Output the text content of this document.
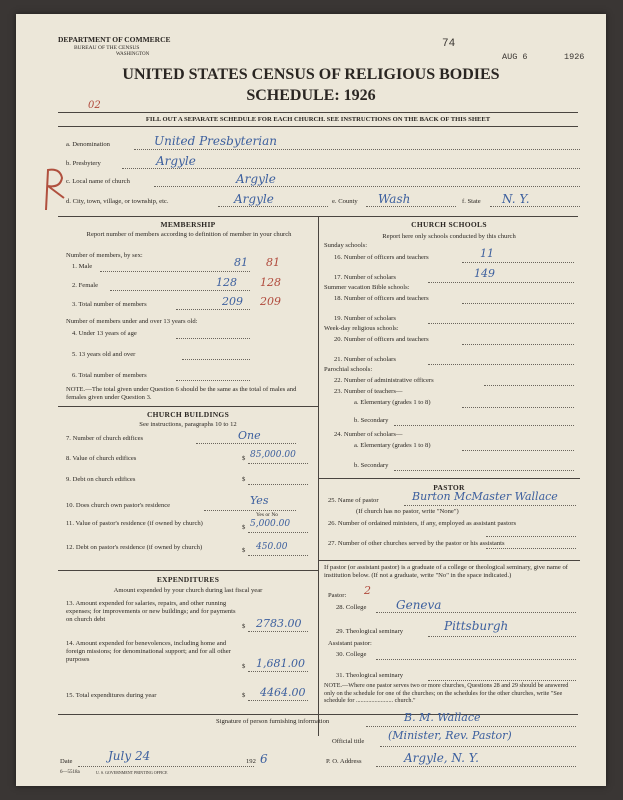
DEPARTMENT OF COMMERCE
BUREAU OF THE CENSUS
WASHINGTON
74
AUG 6	1926
UNITED STATES CENSUS OF RELIGIOUS BODIES
SCHEDULE: 1926
02
FILL OUT A SEPARATE SCHEDULE FOR EACH CHURCH. SEE INSTRUCTIONS ON THE BACK OF THIS SHEET
a. Denomination	United Presbyterian
b. Presbytery	Argyle
c. Local name of church	Argyle
d. City, town, village, or township, etc.	Argyle	e. County Wash	f. State N. Y.
MEMBERSHIP
Report number of members according to definition of member in your church
Number of members, by sex:
1. Male	81 81
2. Female	128 128
3. Total number of members	209 209
Number of members under and over 13 years old:
4. Under 13 years of age
5. 13 years old and over
6. Total number of members
NOTE.—The total given under Question 6 should be the same as the total of males and females given under Question 3.
CHURCH BUILDINGS
See instructions, paragraphs 10 to 12
7. Number of church edifices	One
8. Value of church edifices	$ 85,000.00
9. Debt on church edifices	$
10. Does church own pastor's residence	Yes
Yes or No
11. Value of pastor's residence (if owned by church)
$ 5,000.00
12. Debt on pastor's residence (if owned by church)	$ 450.00
EXPENDITURES
Amount expended by your church during last fiscal year
13. Amount expended for salaries, repairs, and other running expenses; for improvements or new buildings; and for payments on church debt
$ 2783.00
14. Amount expended for benevolences, including home and foreign missions; for denominational support; and for all other purposes
$ 1,681.00
15. Total expenditures during year	$ 4464.00
CHURCH SCHOOLS
Report here only schools conducted by this church
Sunday schools:
16. Number of officers and teachers	11
17. Number of scholars	149
Summer vacation Bible schools:
18. Number of officers and teachers
19. Number of scholars
Week-day religious schools:
20. Number of officers and teachers
21. Number of scholars
Parochial schools:
22. Number of administrative officers
23. Number of teachers—
a. Elementary (grades 1 to 8)
b. Secondary
24. Number of scholars—
a. Elementary (grades 1 to 8)
b. Secondary
PASTOR
25. Name of pastor	Burton McMaster Wallace
(If church has no pastor, write "None")
26. Number of ordained ministers, if any, employed as assistant pastors
27. Number of other churches served by the pastor or his assistants
If pastor (or assistant pastor) is a graduate of a college or theological seminary, give name of institution below. (If not a graduate, write "No" in the space indicated.)
Pastor: 2
28. College Geneva
29. Theological seminary	Pittsburgh
Assistant pastor:
30. College
31. Theological seminary
NOTE.—Where one pastor serves two or more churches, Questions 28 and 29 should be answered only on the schedule for one of the churches; on the schedules for the other churches, write "See schedule for ........................ church."
Signature of person furnishing information	B. M. Wallace
Official title (Minister, Rev. Pastor)
Date	July 24	192 6	P. O. Address	Argyle, N. Y.
6—5518a	U. S. GOVERNMENT PRINTING OFFICE
